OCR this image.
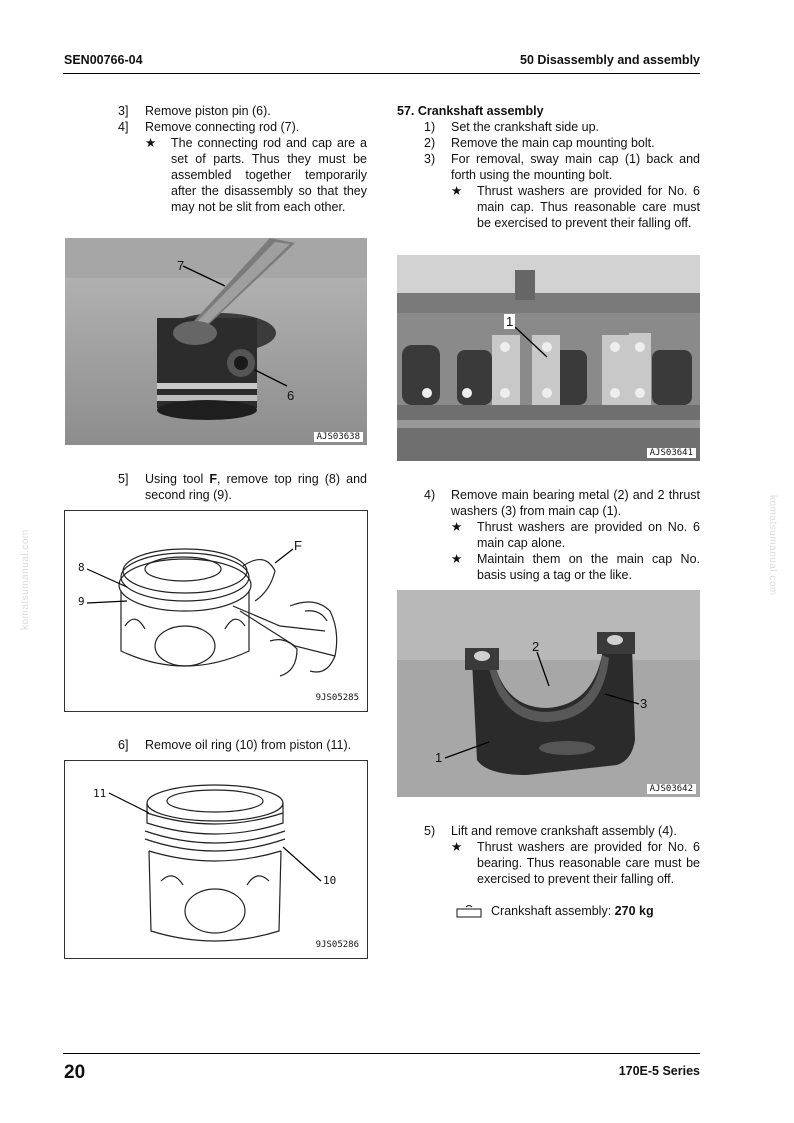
SEN00766-04	50 Disassembly and assembly
20	170E-5 Series
komatsumanual.com	komatsumanual.com
3] Remove piston pin (6).
4] Remove connecting rod (7).
★ The connecting rod and cap are a set of parts. Thus they must be assembled together temporarily after the disassembly so that they may not be slit from each other.
7
6
AJS03638
5] Using tool F, remove top ring (8) and second ring (9).
F
8
9
9JS05285
6] Remove oil ring (10) from piston (11).
11
10
9JS05286
57. Crankshaft assembly
1) Set the crankshaft side up.
2) Remove the main cap mounting bolt.
3) For removal, sway main cap (1) back and forth using the mounting bolt.
★ Thrust washers are provided for No. 6 main cap. Thus reasonable care must be exercised to prevent their falling off.
1
AJS03641
4) Remove main bearing metal (2) and 2 thrust washers (3) from main cap (1).
★ Thrust washers are provided on No. 6 main cap alone.
★ Maintain them on the main cap No. basis using a tag or the like.
2
3
1
AJS03642
5) Lift and remove crankshaft assembly (4).
★ Thrust washers are provided for No. 6 bearing. Thus reasonable care must be exercised to prevent their falling off.
Crankshaft assembly: 270 kg
